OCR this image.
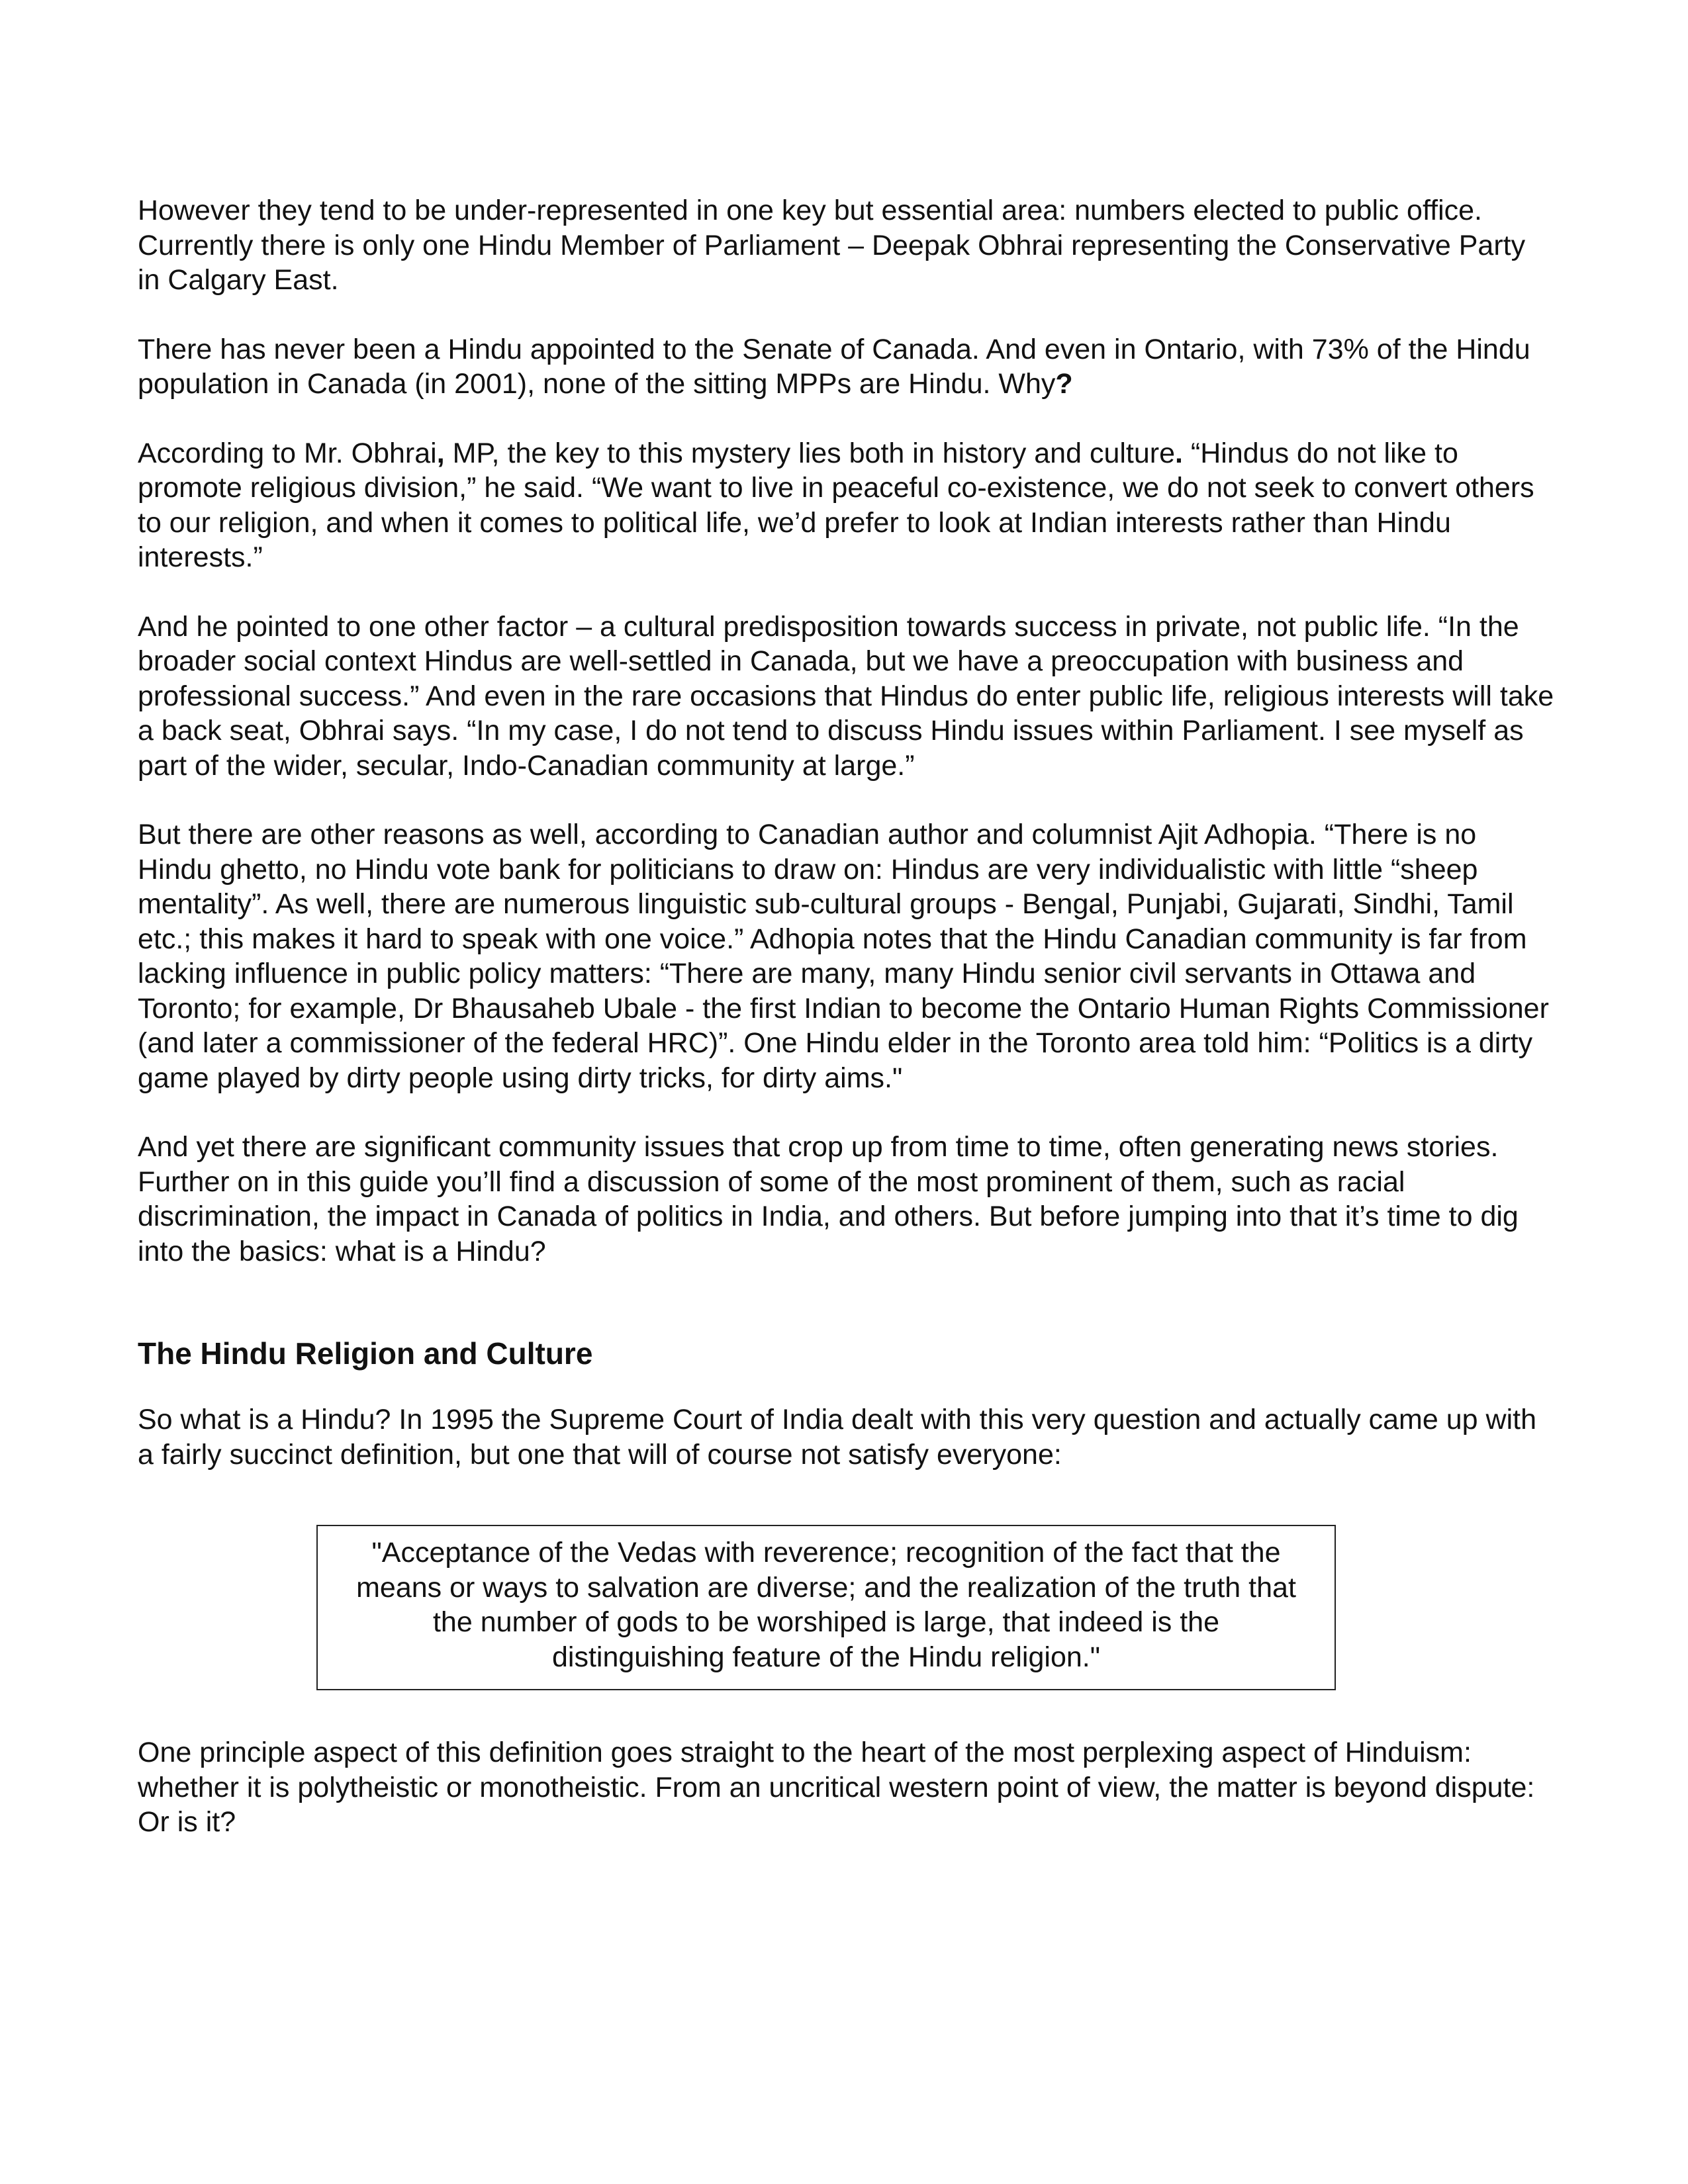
However they tend to be under-represented in one key but essential area: numbers elected to public office. Currently there is only one Hindu Member of Parliament – Deepak Obhrai representing the Conservative Party in Calgary East.

There has never been a Hindu appointed to the Senate of Canada. And even in Ontario, with 73% of the Hindu population in Canada (in 2001), none of the sitting MPPs are Hindu. Why?

According to Mr. Obhrai, MP, the key to this mystery lies both in history and culture. “Hindus do not like to promote religious division,” he said. “We want to live in peaceful co-existence, we do not seek to convert others to our religion, and when it comes to political life, we’d prefer to look at Indian interests rather than Hindu interests.”

And he pointed to one other factor – a cultural predisposition towards success in private, not public life. “In the broader social context Hindus are well-settled in Canada, but we have a preoccupation with business and professional success.” And even in the rare occasions that Hindus do enter public life, religious interests will take a back seat, Obhrai says. “In my case, I do not tend to discuss Hindu issues within Parliament. I see myself as part of the wider, secular, Indo-Canadian community at large.”

But there are other reasons as well, according to Canadian author and columnist Ajit Adhopia. “There is no Hindu ghetto, no Hindu vote bank for politicians to draw on: Hindus are very individualistic with little “sheep mentality”. As well, there are numerous linguistic sub-cultural groups - Bengal, Punjabi, Gujarati, Sindhi, Tamil etc.; this makes it hard to speak with one voice.” Adhopia notes that the Hindu Canadian community is far from lacking influence in public policy matters: “There are many, many Hindu senior civil servants in Ottawa and Toronto; for example, Dr Bhausaheb Ubale - the first Indian to become the Ontario Human Rights Commissioner (and later a commissioner of the federal HRC)”. One Hindu elder in the Toronto area told him: “Politics is a dirty game played by dirty people using dirty tricks, for dirty aims."

And yet there are significant community issues that crop up from time to time, often generating news stories. Further on in this guide you’ll find a discussion of some of the most prominent of them, such as racial discrimination, the impact in Canada of politics in India, and others. But before jumping into that it’s time to dig into the basics: what is a Hindu?

The Hindu Religion and Culture

So what is a Hindu? In 1995 the Supreme Court of India dealt with this very question and actually came up with a fairly succinct definition, but one that will of course not satisfy everyone:

"Acceptance of the Vedas with reverence; recognition of the fact that the means or ways to salvation are diverse; and the realization of the truth that the number of gods to be worshiped is large, that indeed is the distinguishing feature of the Hindu religion."

One principle aspect of this definition goes straight to the heart of the most perplexing aspect of Hinduism: whether it is polytheistic or monotheistic. From an uncritical western point of view, the matter is beyond dispute: Or is it?
